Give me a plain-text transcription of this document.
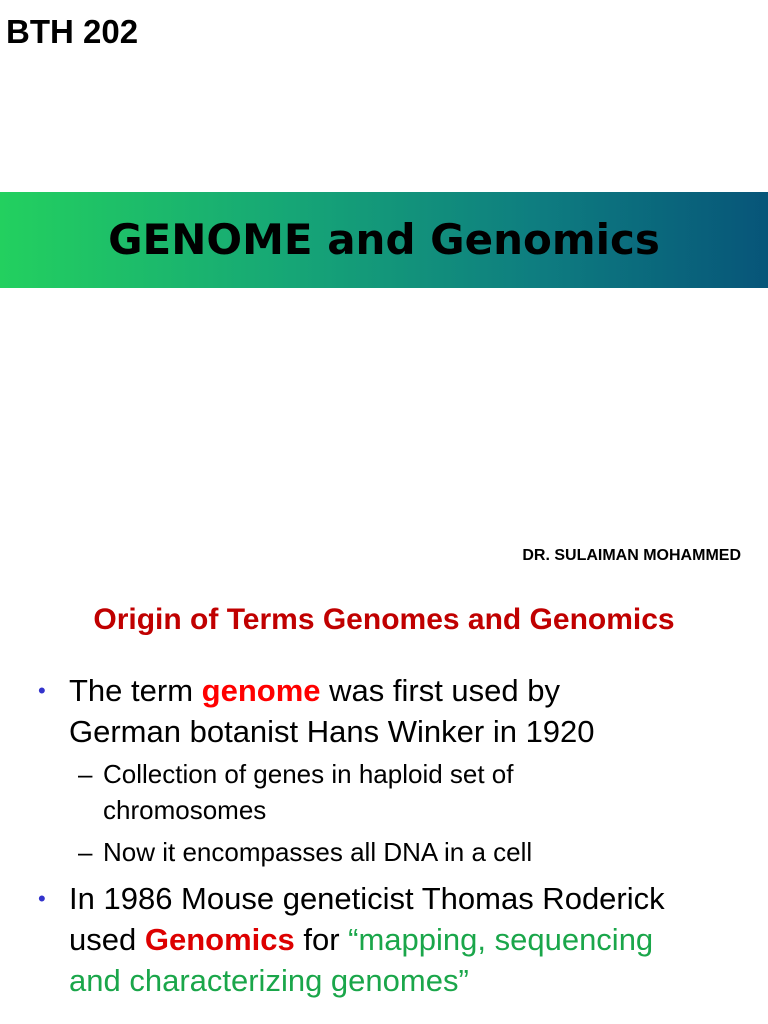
BTH 202
GENOME and Genomics
DR. SULAIMAN MOHAMMED
Origin of Terms Genomes and Genomics
• The term genome was first used by
German botanist Hans Winker in 1920
– Collection of genes in haploid set of
chromosomes
– Now it encompasses all DNA in a cell
• In 1986 Mouse geneticist Thomas Roderick
used Genomics for “mapping, sequencing
and characterizing genomes”
